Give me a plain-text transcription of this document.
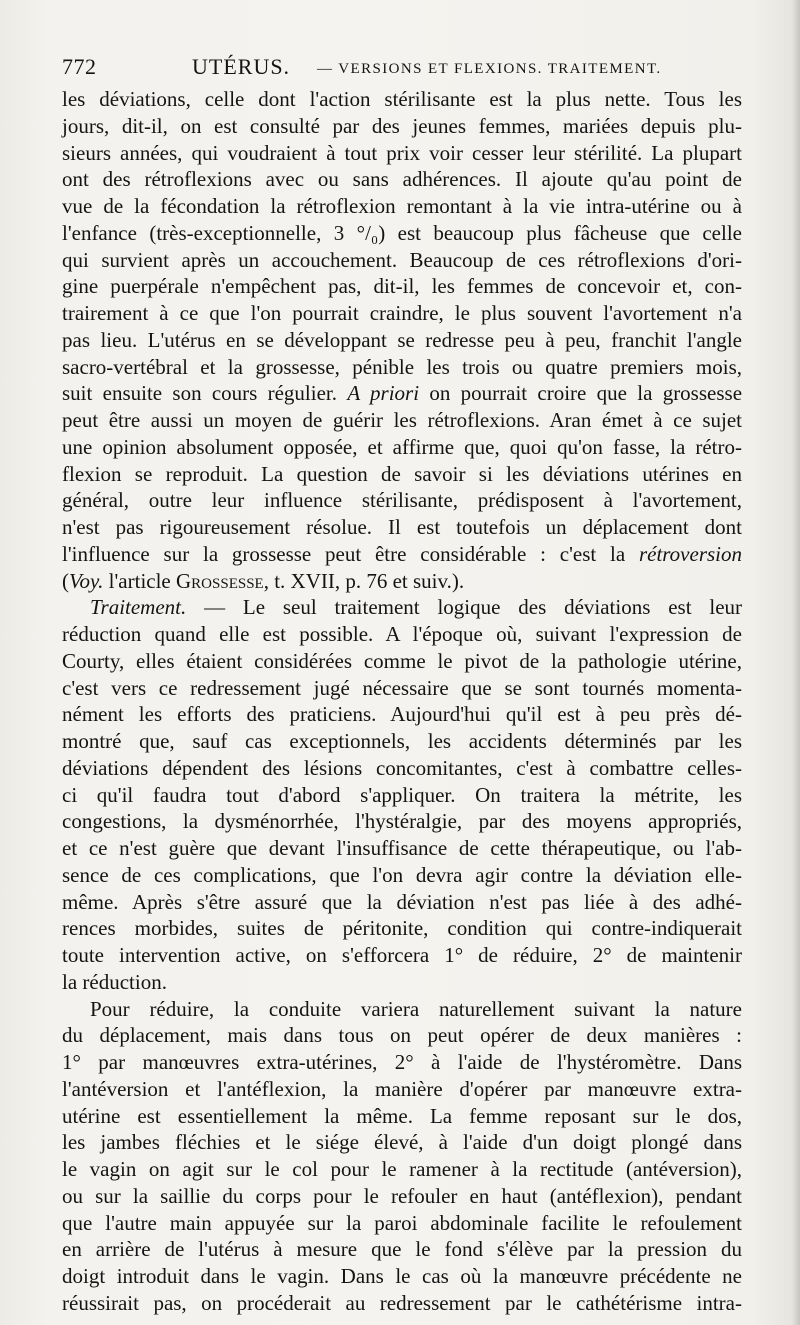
772	UTÉRUS. — VERSIONS ET FLEXIONS. TRAITEMENT.
les déviations, celle dont l'action stérilisante est la plus nette. Tous les
jours, dit-il, on est consulté par des jeunes femmes, mariées depuis plu-
sieurs années, qui voudraient à tout prix voir cesser leur stérilité. La plupart
ont des rétroflexions avec ou sans adhérences. Il ajoute qu'au point de
vue de la fécondation la rétroflexion remontant à la vie intra-utérine ou à
l'enfance (très-exceptionnelle, 3 °/₀) est beaucoup plus fâcheuse que celle
qui survient après un accouchement. Beaucoup de ces rétroflexions d'ori-
gine puerpérale n'empêchent pas, dit-il, les femmes de concevoir et, con-
trairement à ce que l'on pourrait craindre, le plus souvent l'avortement n'a
pas lieu. L'utérus en se développant se redresse peu à peu, franchit l'angle
sacro-vertébral et la grossesse, pénible les trois ou quatre premiers mois,
suit ensuite son cours régulier. A priori on pourrait croire que la grossesse
peut être aussi un moyen de guérir les rétroflexions. Aran émet à ce sujet
une opinion absolument opposée, et affirme que, quoi qu'on fasse, la rétro-
flexion se reproduit. La question de savoir si les déviations utérines en
général, outre leur influence stérilisante, prédisposent à l'avortement,
n'est pas rigoureusement résolue. Il est toutefois un déplacement dont
l'influence sur la grossesse peut être considérable : c'est la rétroversion
(Voy. l'article Grossesse, t. XVII, p. 76 et suiv.).
Traitement. — Le seul traitement logique des déviations est leur
réduction quand elle est possible. A l'époque où, suivant l'expression de
Courty, elles étaient considérées comme le pivot de la pathologie utérine,
c'est vers ce redressement jugé nécessaire que se sont tournés momenta-
nément les efforts des praticiens. Aujourd'hui qu'il est à peu près dé-
montré que, sauf cas exceptionnels, les accidents déterminés par les
déviations dépendent des lésions concomitantes, c'est à combattre celles-
ci qu'il faudra tout d'abord s'appliquer. On traitera la métrite, les
congestions, la dysménorrhée, l'hystéralgie, par des moyens appropriés,
et ce n'est guère que devant l'insuffisance de cette thérapeutique, ou l'ab-
sence de ces complications, que l'on devra agir contre la déviation elle-
même. Après s'être assuré que la déviation n'est pas liée à des adhé-
rences morbides, suites de péritonite, condition qui contre-indiquerait
toute intervention active, on s'efforcera 1° de réduire, 2° de maintenir
la réduction.
Pour réduire, la conduite variera naturellement suivant la nature
du déplacement, mais dans tous on peut opérer de deux manières :
1° par manœuvres extra-utérines, 2° à l'aide de l'hystéromètre. Dans
l'antéversion et l'antéflexion, la manière d'opérer par manœuvre extra-
utérine est essentiellement la même. La femme reposant sur le dos,
les jambes fléchies et le siége élevé, à l'aide d'un doigt plongé dans
le vagin on agit sur le col pour le ramener à la rectitude (antéversion),
ou sur la saillie du corps pour le refouler en haut (antéflexion), pendant
que l'autre main appuyée sur la paroi abdominale facilite le refoulement
en arrière de l'utérus à mesure que le fond s'élève par la pression du
doigt introduit dans le vagin. Dans le cas où la manœuvre précédente ne
réussirait pas, on procéderait au redressement par le cathétérisme intra-
